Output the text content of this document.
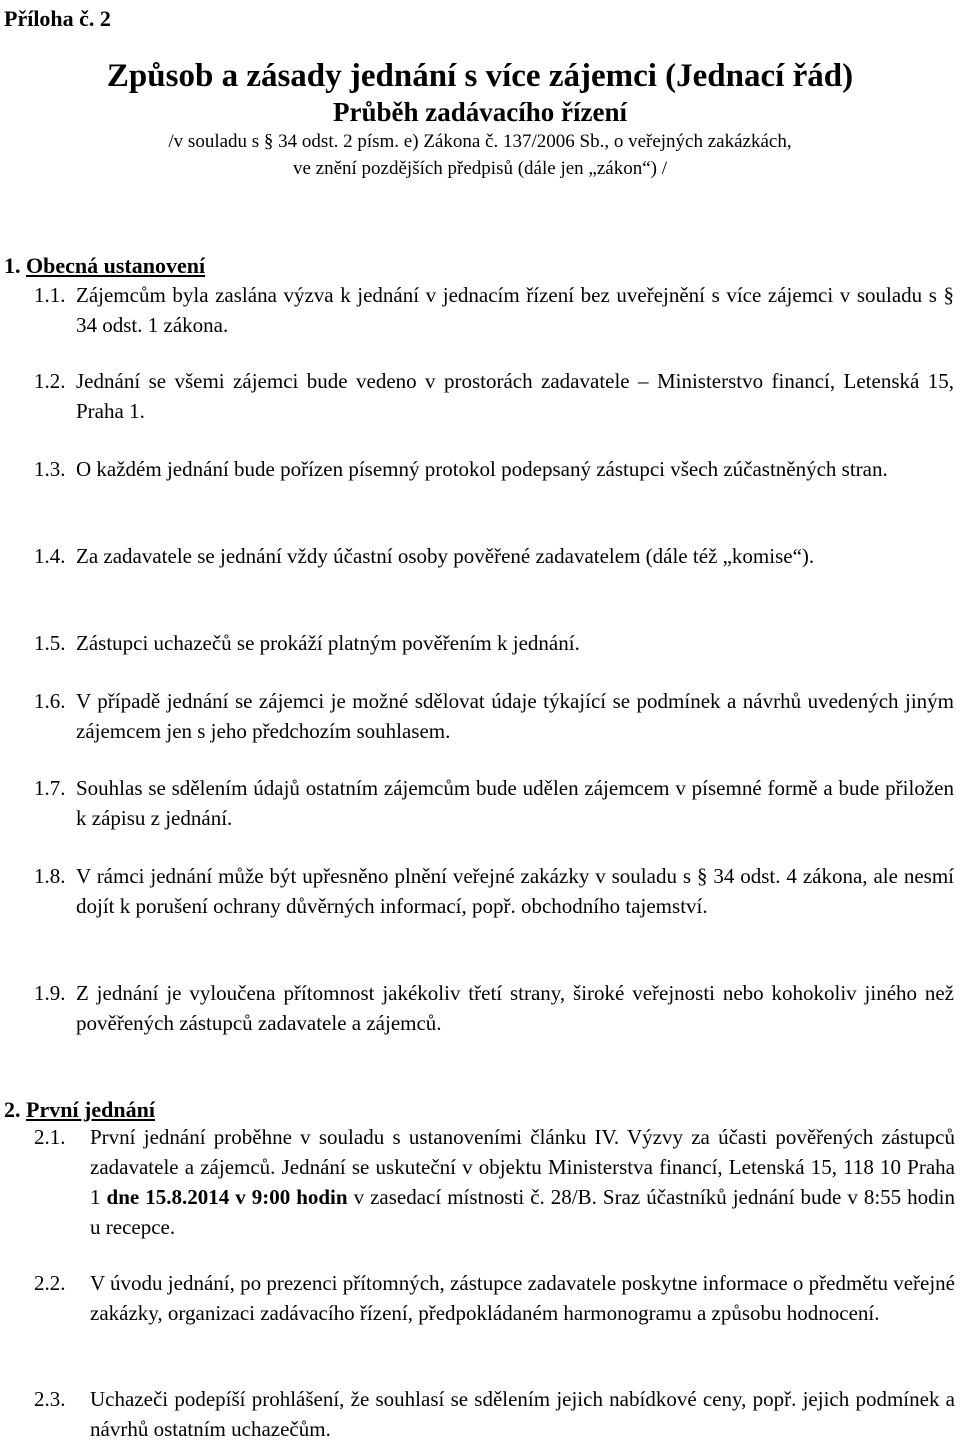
Příloha č. 2
Způsob a zásady jednání s více zájemci (Jednací řád)
Průběh zadávacího řízení
/v souladu s § 34 odst. 2 písm. e) Zákona č. 137/2006 Sb., o veřejných zakázkách,
ve znění pozdějších předpisů (dále jen „zákon“) /
1. Obecná ustanovení
1.1. Zájemcům byla zaslána výzva k jednání v jednacím řízení bez uveřejnění s více zájemci v souladu s § 34 odst. 1 zákona.
1.2. Jednání se všemi zájemci bude vedeno v prostorách zadavatele – Ministerstvo financí, Letenská 15, Praha 1.
1.3. O každém jednání bude pořízen písemný protokol podepsaný zástupci všech zúčastněných stran.
1.4. Za zadavatele se jednání vždy účastní osoby pověřené zadavatelem (dále též „komise“).
1.5. Zástupci uchazečů se prokáží platným pověřením k jednání.
1.6. V případě jednání se zájemci je možné sdělovat údaje týkající se podmínek a návrhů uvedených jiným zájemcem jen s jeho předchozím souhlasem.
1.7. Souhlas se sdělením údajů ostatním zájemcům bude udělen zájemcem v písemné formě a bude přiložen k zápisu z jednání.
1.8. V rámci jednání může být upřesněno plnění veřejné zakázky v souladu s § 34 odst. 4 zákona, ale nesmí dojít k porušení ochrany důvěrných informací, popř. obchodního tajemství.
1.9. Z jednání je vyloučena přítomnost jakékoliv třetí strany, široké veřejnosti nebo kohokoliv jiného než pověřených zástupců zadavatele a zájemců.
2. První jednání
2.1. První jednání proběhne v souladu s ustanoveními článku IV. Výzvy za účasti pověřených zástupců zadavatele a zájemců. Jednání se uskuteční v objektu Ministerstva financí, Letenská 15, 118 10 Praha 1 dne 15.8.2014 v 9:00 hodin v zasedací místnosti č. 28/B. Sraz účastníků jednání bude v 8:55 hodin u recepce.
2.2. V úvodu jednání, po prezenci přítomných, zástupce zadavatele poskytne informace o předmětu veřejné zakázky, organizaci zadávacího řízení, předpokládaném harmonogramu a způsobu hodnocení.
2.3. Uchazeči podepíší prohlášení, že souhlasí se sdělením jejich nabídkové ceny, popř. jejich podmínek a návrhů ostatním uchazečům.
